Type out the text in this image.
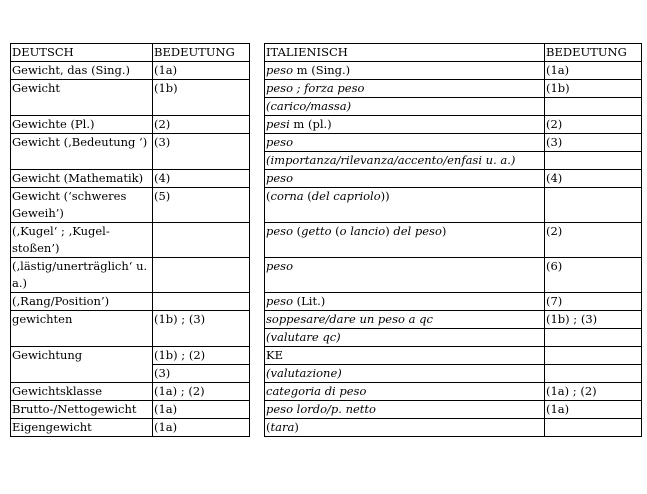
DEUTSCH	BEDEUTUNG		ITALIENISCH	BEDEUTUNG
Gewicht, das (Sing.)	(1a)		peso m (Sing.)	(1a)
Gewicht	(1b)		peso ; forza peso	(1b)
			(carico/massa)	
Gewichte (Pl.)	(2)		pesi m (pl.)	(2)
Gewicht (‚Bedeutung ‘)	(3)		peso	(3)
			(importanza/rilevanza/accento/enfasi u. a.)	
Gewicht (Mathematik)	(4)		peso	(4)
Gewicht (‘schweres Geweih’)	(5)		(corna (del capriolo))	
(‚Kugel‘ ; ‚Kugel-stoßen’)			peso (getto (o lancio) del peso)	(2)
(‚lästig/unerträglich‘ u. a.)			peso	(6)
(‚Rang/Position’)			peso (Lit.)	(7)
gewichten	(1b) ; (3)		soppesare/dare un peso a qc	(1b) ; (3)
			(valutare qc)	
Gewichtung	(1b) ; (2)		KE	
	(3)		(valutazione)	
Gewichtsklasse	(1a) ; (2)		categoria di peso	(1a) ; (2)
Brutto-/Nettogewicht	(1a)		peso lordo/p. netto	(1a)
Eigengewicht	(1a)		(tara)	
